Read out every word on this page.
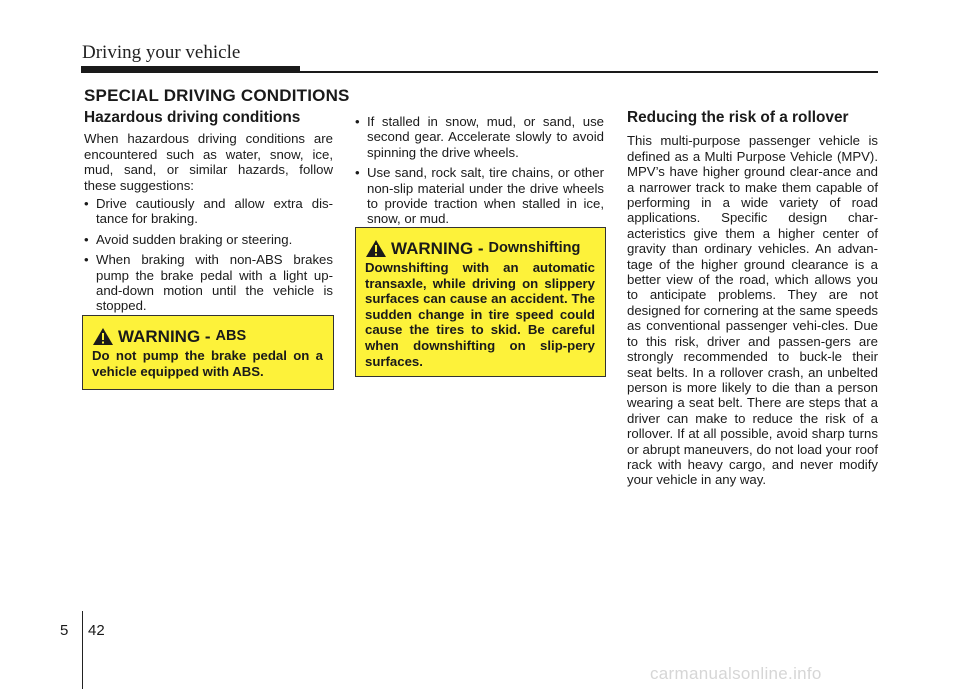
Driving your vehicle
SPECIAL DRIVING CONDITIONS
Hazardous driving conditions

When hazardous driving conditions are encountered such as water, snow, ice, mud, sand, or similar hazards, follow these suggestions:

• Drive cautiously and allow extra dis-tance for braking.
• Avoid sudden braking or steering.
• When braking with non-ABS brakes pump the brake pedal with a light up-and-down motion until the vehicle is stopped.
WARNING - ABS
Do not pump the brake pedal on a vehicle equipped with ABS.
• If stalled in snow, mud, or sand, use second gear. Accelerate slowly to avoid spinning the drive wheels.
• Use sand, rock salt, tire chains, or other non-slip material under the drive wheels to provide traction when stalled in ice, snow, or mud.
WARNING - Downshifting
Downshifting with an automatic transaxle, while driving on slippery surfaces can cause an accident. The sudden change in tire speed could cause the tires to skid. Be careful when downshifting on slip-pery surfaces.
Reducing the risk of a rollover

This multi-purpose passenger vehicle is defined as a Multi Purpose Vehicle (MPV). MPV’s have higher ground clear-ance and a narrower track to make them capable of performing in a wide variety of road applications. Specific design char-acteristics give them a higher center of gravity than ordinary vehicles. An advan-tage of the higher ground clearance is a better view of the road, which allows you to anticipate problems. They are not designed for cornering at the same speeds as conventional passenger vehi-cles. Due to this risk, driver and passen-gers are strongly recommended to buck-le their seat belts. In a rollover crash, an unbelted person is more likely to die than a person wearing a seat belt. There are steps that a driver can make to reduce the risk of a rollover. If at all possible, avoid sharp turns or abrupt maneuvers, do not load your roof rack with heavy cargo, and never modify your vehicle in any way.

5 42
carmanualsonline.info
